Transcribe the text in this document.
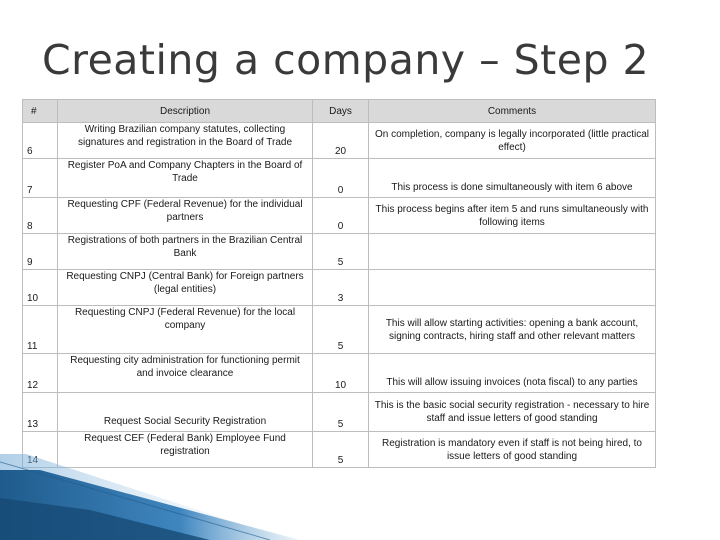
Creating a company – Step 2
#	Description	Days	Comments
6	Writing Brazilian company statutes, collecting signatures and registration in the Board of Trade	20	On completion, company is legally incorporated (little practical effect)
7	Register PoA and Company Chapters in the Board of Trade	0	This process is done simultaneously with item 6 above
8	Requesting CPF (Federal Revenue) for the individual partners	0	This process begins after item 5 and runs simultaneously with following items
9	Registrations of both partners in the Brazilian Central Bank	5	
10	Requesting CNPJ (Central Bank) for Foreign partners (legal entities)	3	
11	Requesting CNPJ (Federal Revenue) for the local company	5	This will allow starting activities: opening a bank account, signing contracts, hiring staff and other relevant matters
12	Requesting city administration for functioning permit and invoice clearance	10	This will allow issuing invoices (nota fiscal) to any parties
13	Request Social Security Registration	5	This is the basic social security registration - necessary to hire staff and issue letters of good standing
	Request CEF (Federal Bank) Employee Fund registration	5	Registration is mandatory even if staff is not being hired, to issue letters of good standing
